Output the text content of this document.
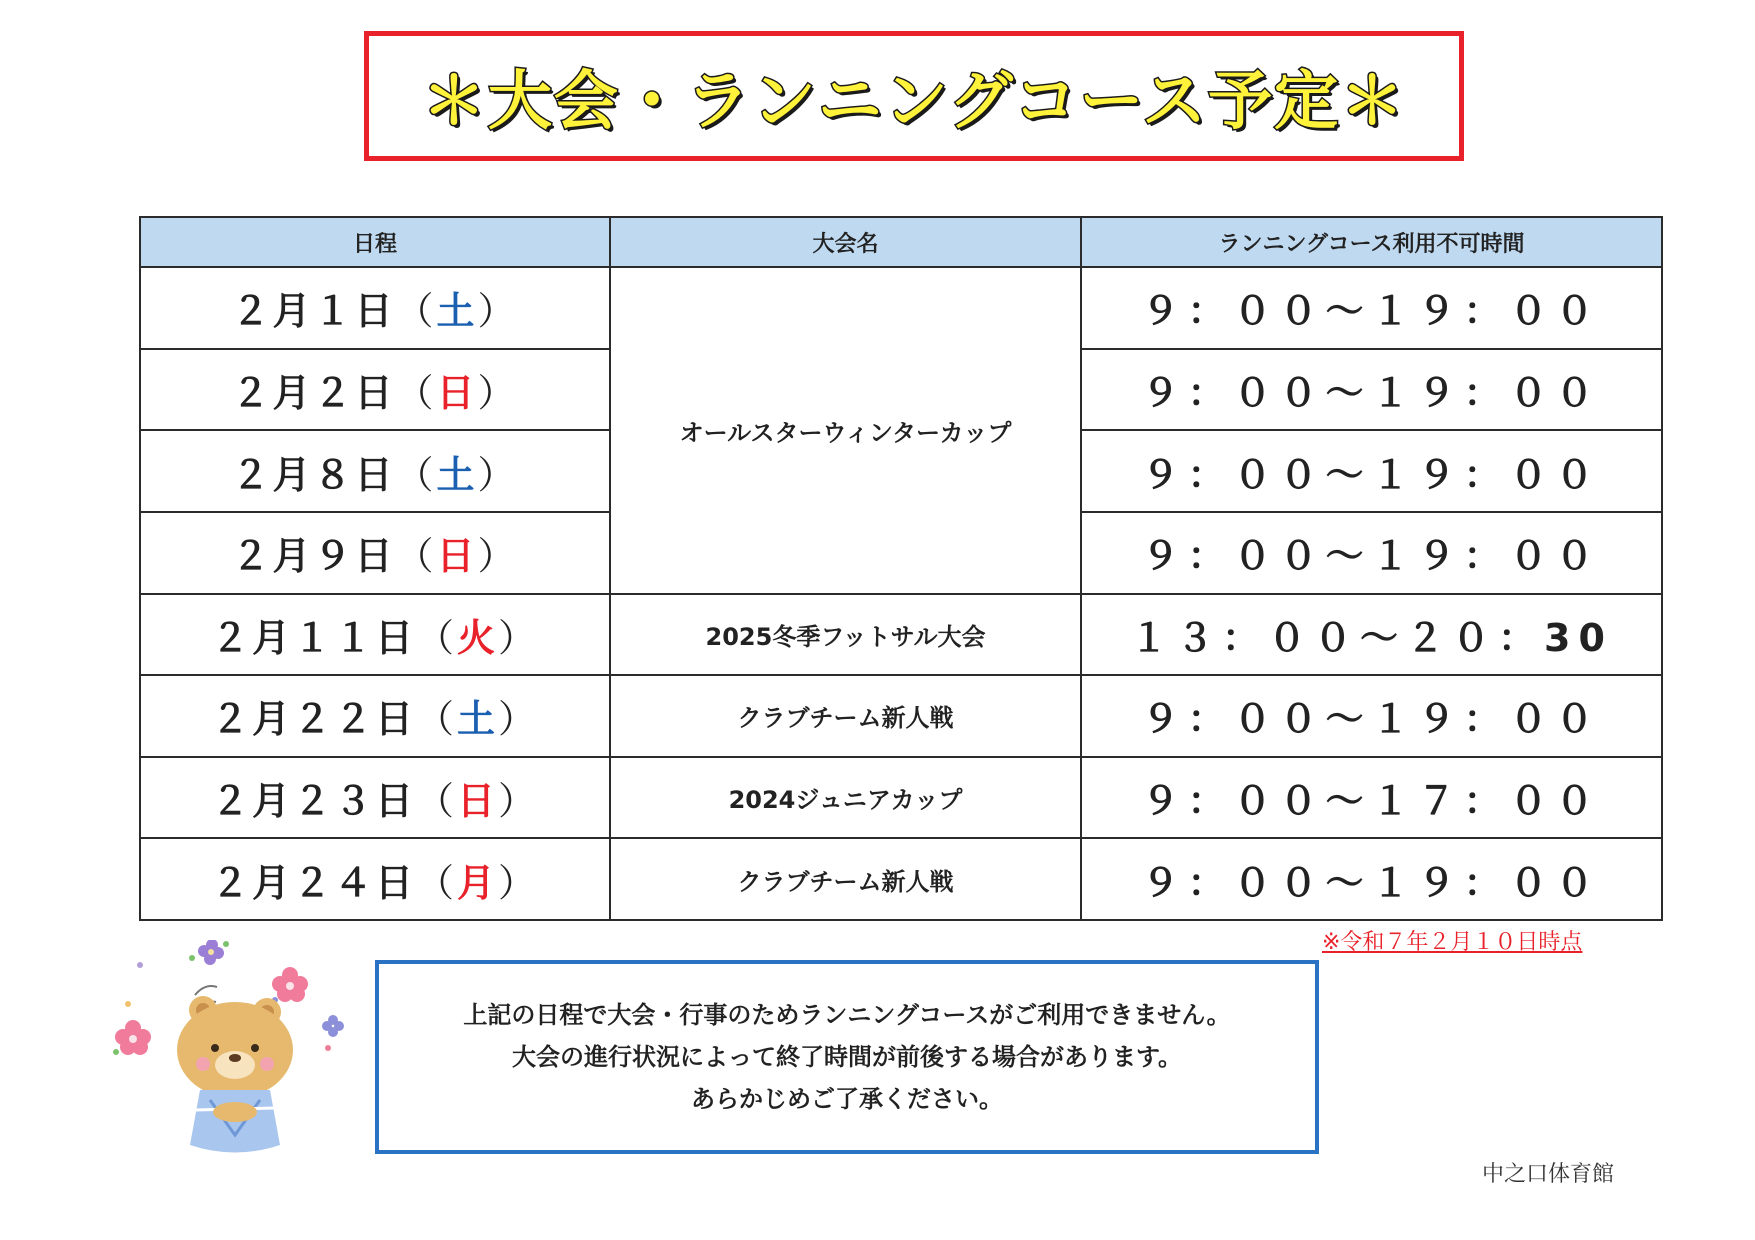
＊大会・ランニングコース予定＊
日程	大会名	ランニングコース利用不可時間
２月１日（土）	オールスターウィンターカップ	９：００～１９：００
２月２日（日）		９：００～１９：００
２月８日（土）		９：００～１９：００
２月９日（日）		９：００～１９：００
２月１１日（火）	2025冬季フットサル大会	１３：００～２０：30
２月２２日（土）	クラブチーム新人戦	９：００～１９：００
２月２３日（日）	2024ジュニアカップ	９：００～１７：００
２月２４日（月）	クラブチーム新人戦	９：００～１９：００
※令和７年２月１０日時点
上記の日程で大会・行事のためランニングコースがご利用できません。
大会の進行状況によって終了時間が前後する場合があります。
あらかじめご了承ください。
中之口体育館
